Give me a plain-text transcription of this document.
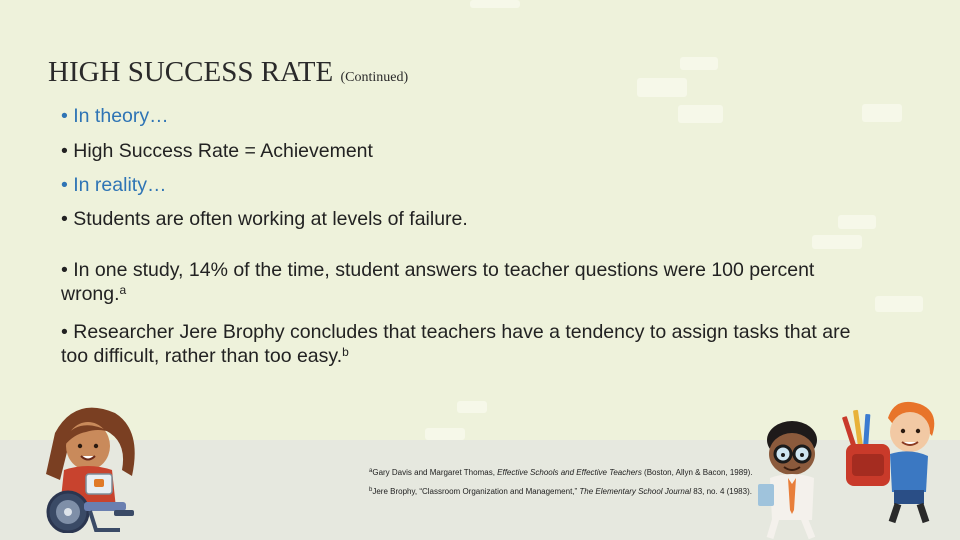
HIGH SUCCESS RATE (Continued)

• In theory…

• High Success Rate = Achievement

• In reality…

• Students are often working at levels of failure.

• In one study, 14% of the time, student answers to teacher questions were 100 percent wrong.$^a$

• Researcher Jere Brophy concludes that teachers have a tendency to assign tasks that are too difficult, rather than too easy.$^b$

$^a$Gary Davis and Margaret Thomas, Effective Schools and Effective Teachers (Boston, Allyn & Bacon, 1989).

$^b$Jere Brophy, “Classroom Organization and Management,” The Elementary School Journal 83, no. 4 (1983).
